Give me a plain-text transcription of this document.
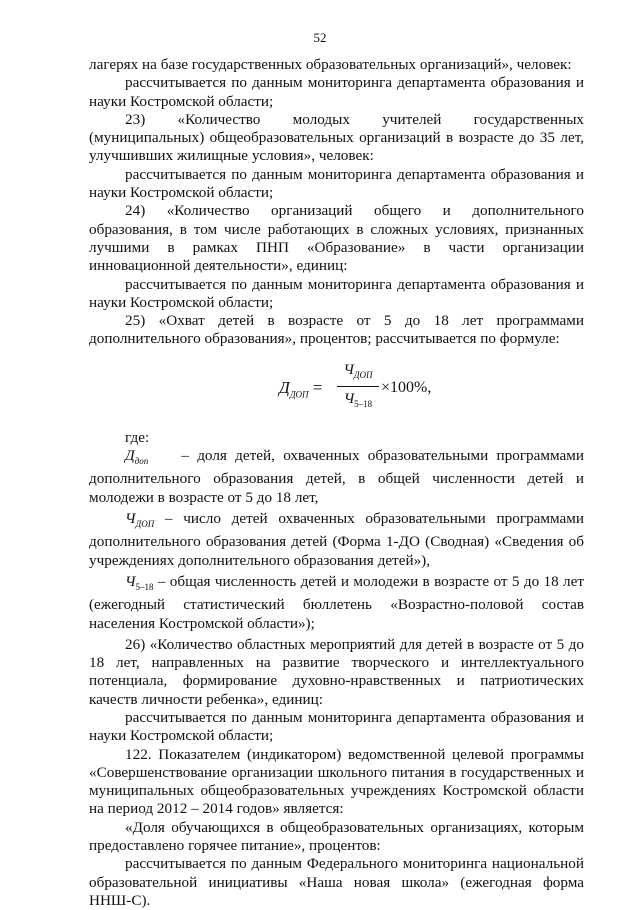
52
лагерях на базе государственных образовательных организаций», человек:
рассчитывается по данным мониторинга департамента образования и
науки Костромской области;
23) «Количество молодых учителей государственных
(муниципальных) общеобразовательных организаций в возрасте до 35 лет,
улучшивших жилищные условия», человек:
рассчитывается по данным мониторинга департамента образования и
науки Костромской области;
24) «Количество организаций общего и дополнительного
образования, в том числе работающих в сложных условиях, признанных
лучшими в рамках ПНП «Образование» в части организации
инновационной деятельности», единиц:
рассчитывается по данным мониторинга департамента образования и
науки Костромской области;
25) «Охват детей в возрасте от 5 до 18 лет программами
дополнительного образования», процентов; рассчитывается по формуле:
$Д_{ДОП}$ =
$Ч_{ДОП}$
$Ч_{5-18}$
×100%,
где:
$Д_{доп}$ – доля детей, охваченных образовательными программами
дополнительного образования детей, в общей численности детей и
молодежи в возрасте от 5 до 18 лет,
$Ч_{ДОП}$ – число детей охваченных образовательными программами
дополнительного образования детей (Форма 1-ДО (Сводная) «Сведения об
учреждениях дополнительного образования детей»),
$Ч_{5-18}$ – общая численность детей и молодежи в возрасте от 5 до 18 лет
(ежегодный статистический бюллетень «Возрастно-половой состав
населения Костромской области»);
26) «Количество областных мероприятий для детей в возрасте от 5 до
18 лет, направленных на развитие творческого и интеллектуального
потенциала, формирование духовно-нравственных и патриотических
качеств личности ребенка», единиц:
рассчитывается по данным мониторинга департамента образования и
науки Костромской области;
122. Показателем (индикатором) ведомственной целевой программы
«Совершенствование организации школьного питания в государственных и
муниципальных общеобразовательных учреждениях Костромской области
на период 2012 – 2014 годов» является:
«Доля обучающихся в общеобразовательных организациях, которым
предоставлено горячее питание», процентов:
рассчитывается по данным Федерального мониторинга национальной
образовательной инициативы «Наша новая школа» (ежегодная форма
ННШ-С).
